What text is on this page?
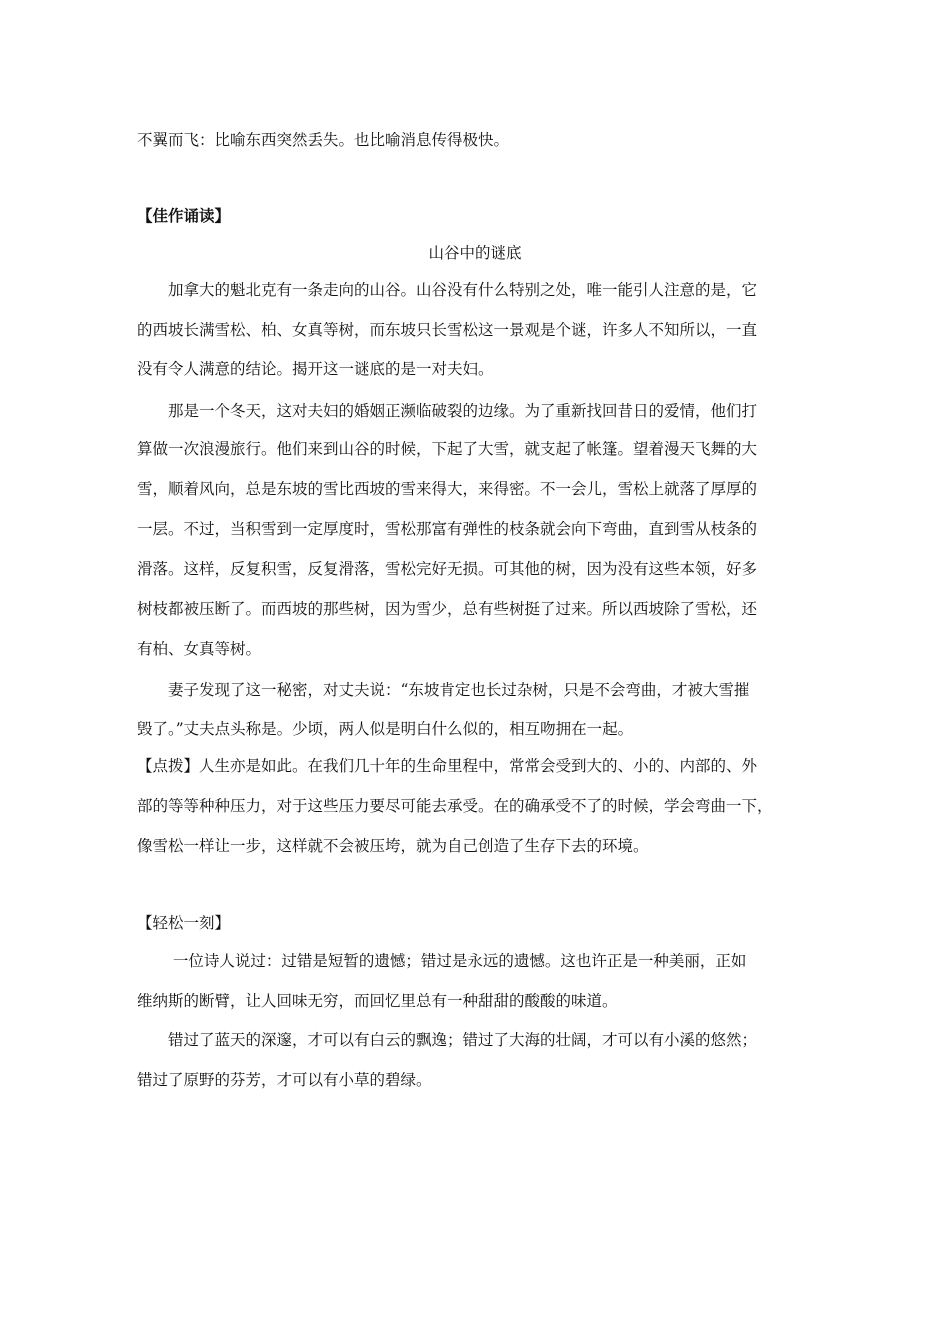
不翼而飞：比喻东西突然丢失。也比喻消息传得极快。
【佳作诵读】
山谷中的谜底
　　加拿大的魁北克有一条走向的山谷。山谷没有什么特别之处，唯一能引人注意的是，它
的西坡长满雪松、柏、女真等树，而东坡只长雪松这一景观是个谜，许多人不知所以，一直
没有令人满意的结论。揭开这一谜底的是一对夫妇。
　　那是一个冬天，这对夫妇的婚姻正濒临破裂的边缘。为了重新找回昔日的爱情，他们打
算做一次浪漫旅行。他们来到山谷的时候，下起了大雪，就支起了帐篷。望着漫天飞舞的大
雪，顺着风向，总是东坡的雪比西坡的雪来得大，来得密。不一会儿，雪松上就落了厚厚的
一层。不过，当积雪到一定厚度时，雪松那富有弹性的枝条就会向下弯曲，直到雪从枝条的
滑落。这样，反复积雪，反复滑落，雪松完好无损。可其他的树，因为没有这些本领，好多
树枝都被压断了。而西坡的那些树，因为雪少，总有些树挺了过来。所以西坡除了雪松，还
有柏、女真等树。
　　妻子发现了这一秘密，对丈夫说：“东坡肯定也长过杂树，只是不会弯曲，才被大雪摧
毁了。”丈夫点头称是。少顷，两人似是明白什么似的，相互吻拥在一起。
【点拨】人生亦是如此。在我们几十年的生命里程中，常常会受到大的、小的、内部的、外
部的等等种种压力，对于这些压力要尽可能去承受。在的确承受不了的时候，学会弯曲一下，
像雪松一样让一步，这样就不会被压垮，就为自己创造了生存下去的环境。
【轻松一刻】
　　 一位诗人说过：过错是短暂的遗憾；错过是永远的遗憾。这也许正是一种美丽，正如
维纳斯的断臂，让人回味无穷，而回忆里总有一种甜甜的酸酸的味道。
　　错过了蓝天的深邃，才可以有白云的飘逸；错过了大海的壮阔，才可以有小溪的悠然；
错过了原野的芬芳，才可以有小草的碧绿。
